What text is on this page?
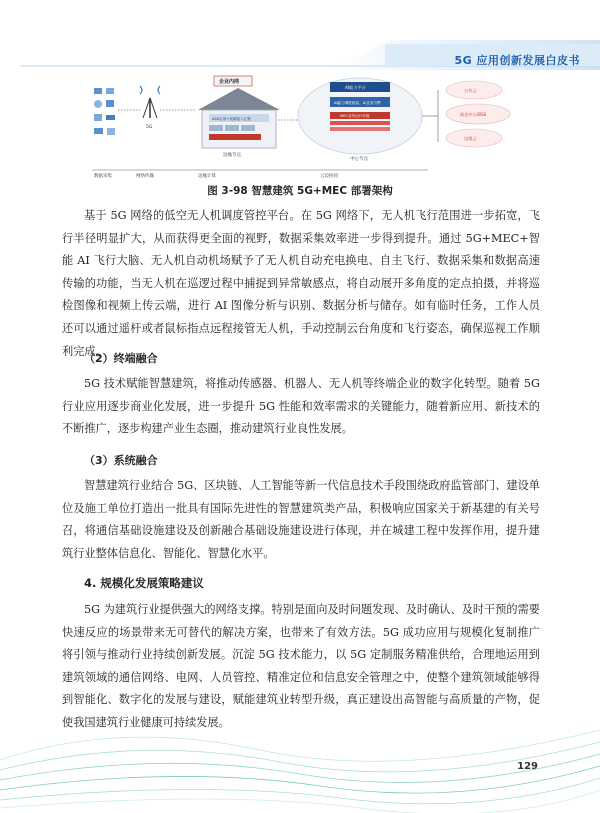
5G 应用创新发展白皮书
5G
企业内网
ASS应用+视频接入汇聚
边缘节点
AI能力平台
AI能力调度组装、AI业务引擎
MEC业务运行环境
中心节点
公有云
政企中台/BSS
边缘云
数据采集	网络传输	边缘计算	云边协同
图 3-98 智慧建筑 5G+MEC 部署架构

基于 5G 网络的低空无人机调度管控平台。在 5G 网络下，无人机飞行范围进一步拓宽，飞行半径明显扩大，从而获得更全面的视野，数据采集效率进一步得到提升。通过 5G+MEC+智能 AI 飞行大脑、无人机自动机场赋予了无人机自动充电换电、自主飞行、数据采集和数据高速传输的功能，当无人机在巡逻过程中捕捉到异常敏感点，将自动展开多角度的定点拍摄，并将巡检图像和视频上传云端，进行 AI 图像分析与识别、数据分析与储存。如有临时任务，工作人员还可以通过遥杆或者鼠标指点远程接管无人机，手动控制云台角度和飞行姿态，确保巡视工作顺利完成。

（2）终端融合

5G 技术赋能智慧建筑，将推动传感器、机器人、无人机等终端企业的数字化转型。随着 5G 行业应用逐步商业化发展，进一步提升 5G 性能和效率需求的关键能力，随着新应用、新技术的不断推广，逐步构建产业生态圈，推动建筑行业良性发展。

（3）系统融合

智慧建筑行业结合 5G、区块链、人工智能等新一代信息技术手段围绕政府监管部门、建设单位及施工单位打造出一批具有国际先进性的智慧建筑类产品，积极响应国家关于新基建的有关号召，将通信基础设施建设及创新融合基础设施建设进行体现，并在城建工程中发挥作用，提升建筑行业整体信息化、智能化、智慧化水平。

4. 规模化发展策略建议

5G 为建筑行业提供强大的网络支撑。特别是面向及时问题发现、及时确认、及时干预的需要快速反应的场景带来无可替代的解决方案，也带来了有效方法。5G 成功应用与规模化复制推广将引领与推动行业持续创新发展。沉淀 5G 技术能力，以 5G 定制服务精准供给，合理地运用到建筑领域的通信网络、电网、人员管控、精准定位和信息安全管理之中，使整个建筑领域能够得到智能化、数字化的发展与建设，赋能建筑业转型升级，真正建设出高智能与高质量的产物，促使我国建筑行业健康可持续发展。

129
